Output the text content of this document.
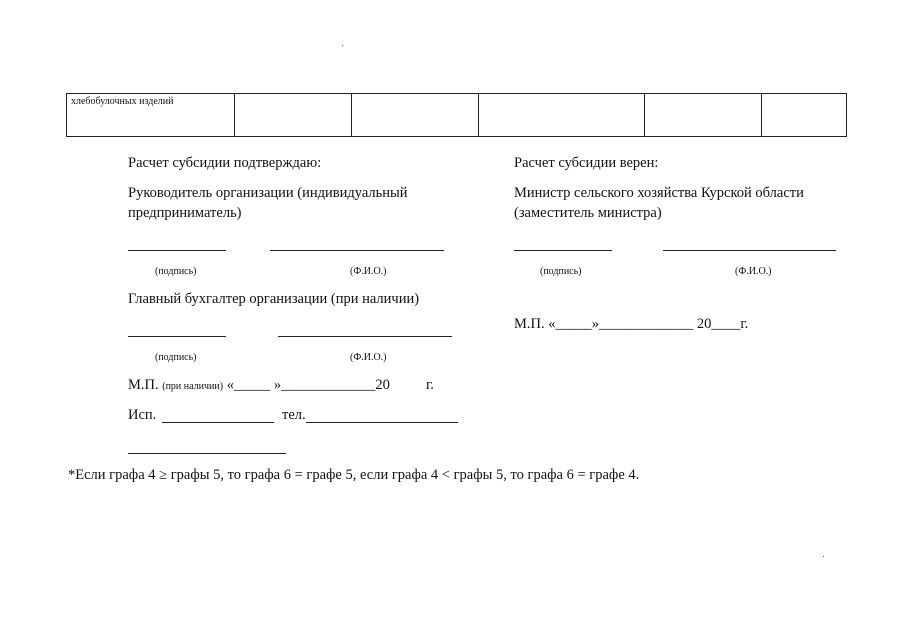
хлебобулочных изделий					
Расчет субсидии подтверждаю:
Руководитель организации (индивидуальный
предприниматель)
(подпись)	(Ф.И.О.)
Главный бухгалтер организации (при наличии)
(подпись)	(Ф.И.О.)
М.П. (при наличии) «_____ »_____________20 г.
Исп.	тел.
Расчет субсидии верен:
Министр сельского хозяйства Курской области
(заместитель министра)
(подпись)	(Ф.И.О.)
М.П. «_____»_____________ 20____г.
*Если графа 4 ≥ графы 5, то графа 6 = графе 5, если графа 4 < графы 5, то графа 6 = графе 4.
